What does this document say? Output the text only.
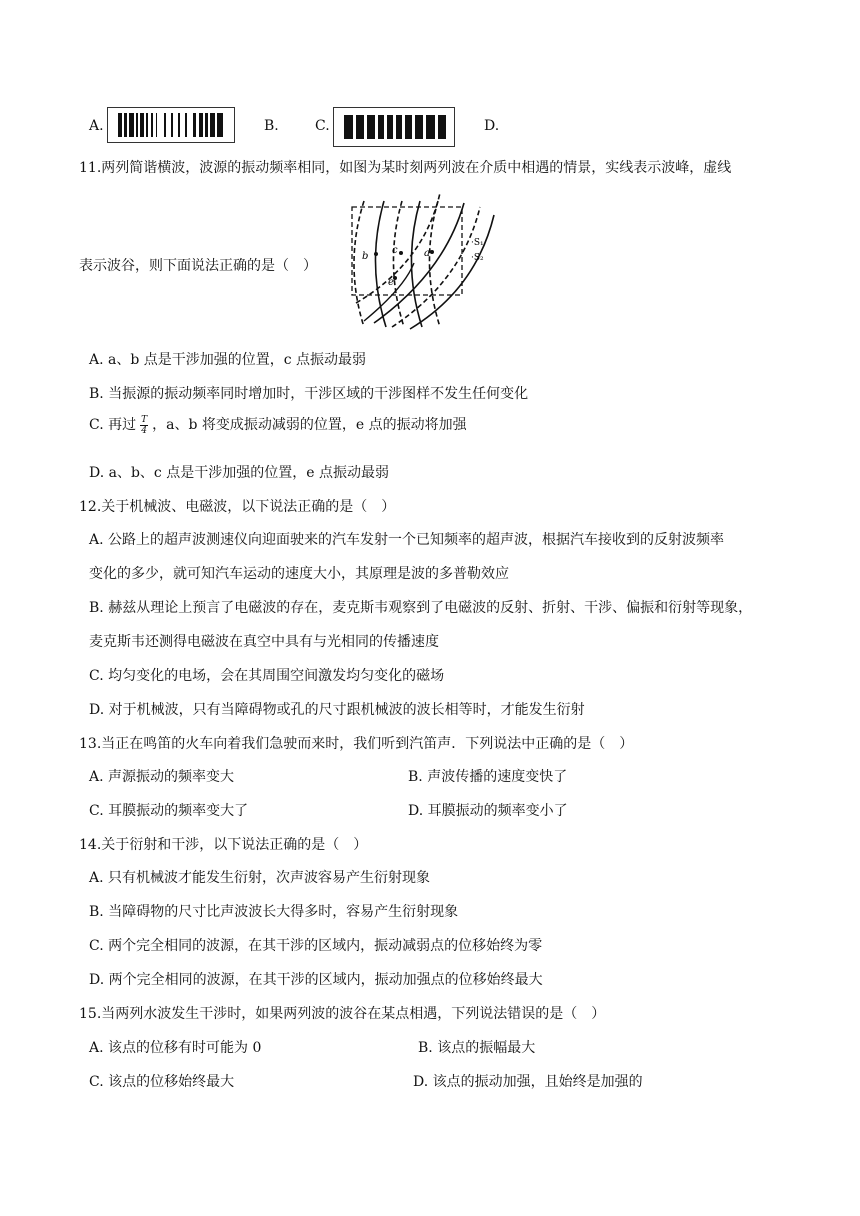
A.	B.	C.	D.
11.两列简谐横波，波源的振动频率相同，如图为某时刻两列波在介质中相遇的情景，实线表示波峰，虚线
b
c	a
e
·S₁
·S₂
表示波谷，则下面说法正确的是（　）
A. a、b 点是干涉加强的位置，c 点振动最弱
B. 当振源的振动频率同时增加时，干涉区域的干涉图样不发生任何变化
C. 再过 $\frac{T}{4}$ ，a、b 将变成振动减弱的位置，e 点的振动将加强
D. a、b、c 点是干涉加强的位置，e 点振动最弱
12.关于机械波、电磁波，以下说法正确的是（　）
A. 公路上的超声波测速仪向迎面驶来的汽车发射一个已知频率的超声波，根据汽车接收到的反射波频率
变化的多少，就可知汽车运动的速度大小，其原理是波的多普勒效应
B. 赫兹从理论上预言了电磁波的存在，麦克斯韦观察到了电磁波的反射、折射、干涉、偏振和衍射等现象，
麦克斯韦还测得电磁波在真空中具有与光相同的传播速度
C. 均匀变化的电场，会在其周围空间激发均匀变化的磁场
D. 对于机械波，只有当障碍物或孔的尺寸跟机械波的波长相等时，才能发生衍射
13.当正在鸣笛的火车向着我们急驶而来时，我们听到汽笛声．下列说法中正确的是（　）
A. 声源振动的频率变大	B. 声波传播的速度变快了
C. 耳膜振动的频率变大了	D. 耳膜振动的频率变小了
14.关于衍射和干涉，以下说法正确的是（　）
A. 只有机械波才能发生衍射，次声波容易产生衍射现象
B. 当障碍物的尺寸比声波波长大得多时，容易产生衍射现象
C. 两个完全相同的波源，在其干涉的区域内，振动减弱点的位移始终为零
D. 两个完全相同的波源，在其干涉的区域内，振动加强点的位移始终最大
15.当两列水波发生干涉时，如果两列波的波谷在某点相遇，下列说法错误的是（　）
A. 该点的位移有时可能为 0	B. 该点的振幅最大
C. 该点的位移始终最大	D. 该点的振动加强，且始终是加强的
